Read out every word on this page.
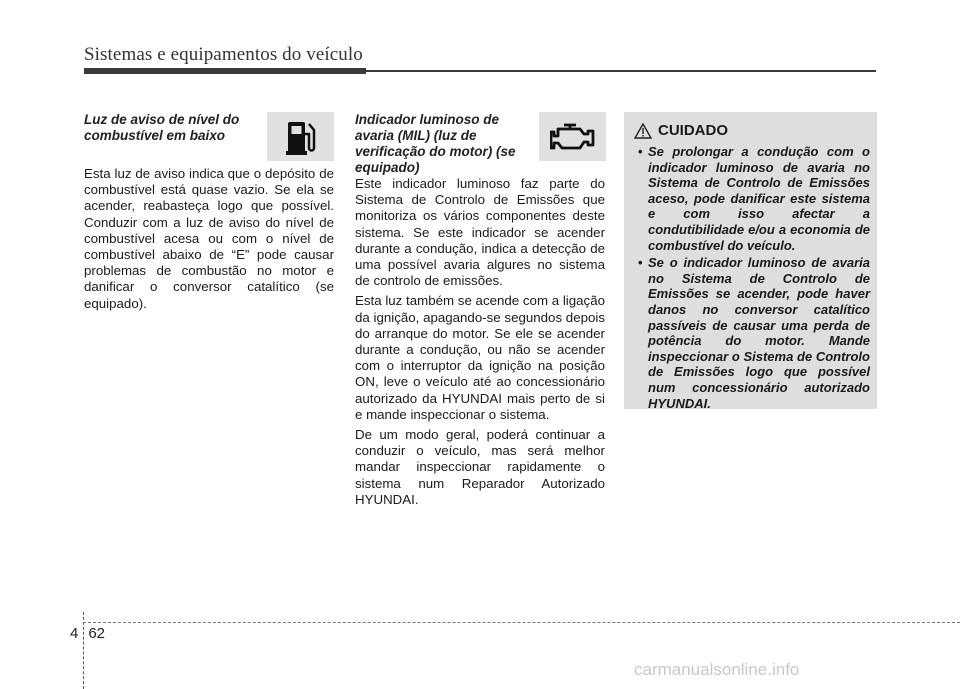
Sistemas e equipamentos do veículo

Luz de aviso de nível do combustível em baixo

Esta luz de aviso indica que o depósito de combustível está quase vazio. Se ela se acender, reabasteça logo que possível. Conduzir com a luz de aviso do nível de combustível acesa ou com o nível de combustível abaixo de “E” pode causar problemas de combustão no motor e danificar o conversor catalítico (se equipado).

Indicador luminoso de avaria (MIL) (luz de verificação do motor) (se equipado)

Este indicador luminoso faz parte do Sistema de Controlo de Emissões que monitoriza os vários componentes deste sistema. Se este indicador se acender durante a condução, indica a detecção de uma possível avaria algures no sistema de controlo de emissões.

Esta luz também se acende com a ligação da ignição, apagando-se segundos depois do arranque do motor. Se ele se acender durante a condução, ou não se acender com o interruptor da ignição na posição ON, leve o veículo até ao concessionário autorizado da HYUNDAI mais perto de si e mande inspeccionar o sistema.

De um modo geral, poderá continuar a conduzir o veículo, mas será melhor mandar inspeccionar rapidamente o sistema num Reparador Autorizado HYUNDAI.

CUIDADO
• Se prolongar a condução com o indicador luminoso de avaria no Sistema de Controlo de Emissões aceso, pode danificar este sistema e com isso afectar a condutibilidade e/ou a economia de combustível do veículo.
• Se o indicador luminoso de avaria no Sistema de Controlo de Emissões se acender, pode haver danos no conversor catalítico passíveis de causar uma perda de potência do motor. Mande inspeccionar o Sistema de Controlo de Emissões logo que possível num concessionário autorizado HYUNDAI.
4 62
carmanualsonline.info
